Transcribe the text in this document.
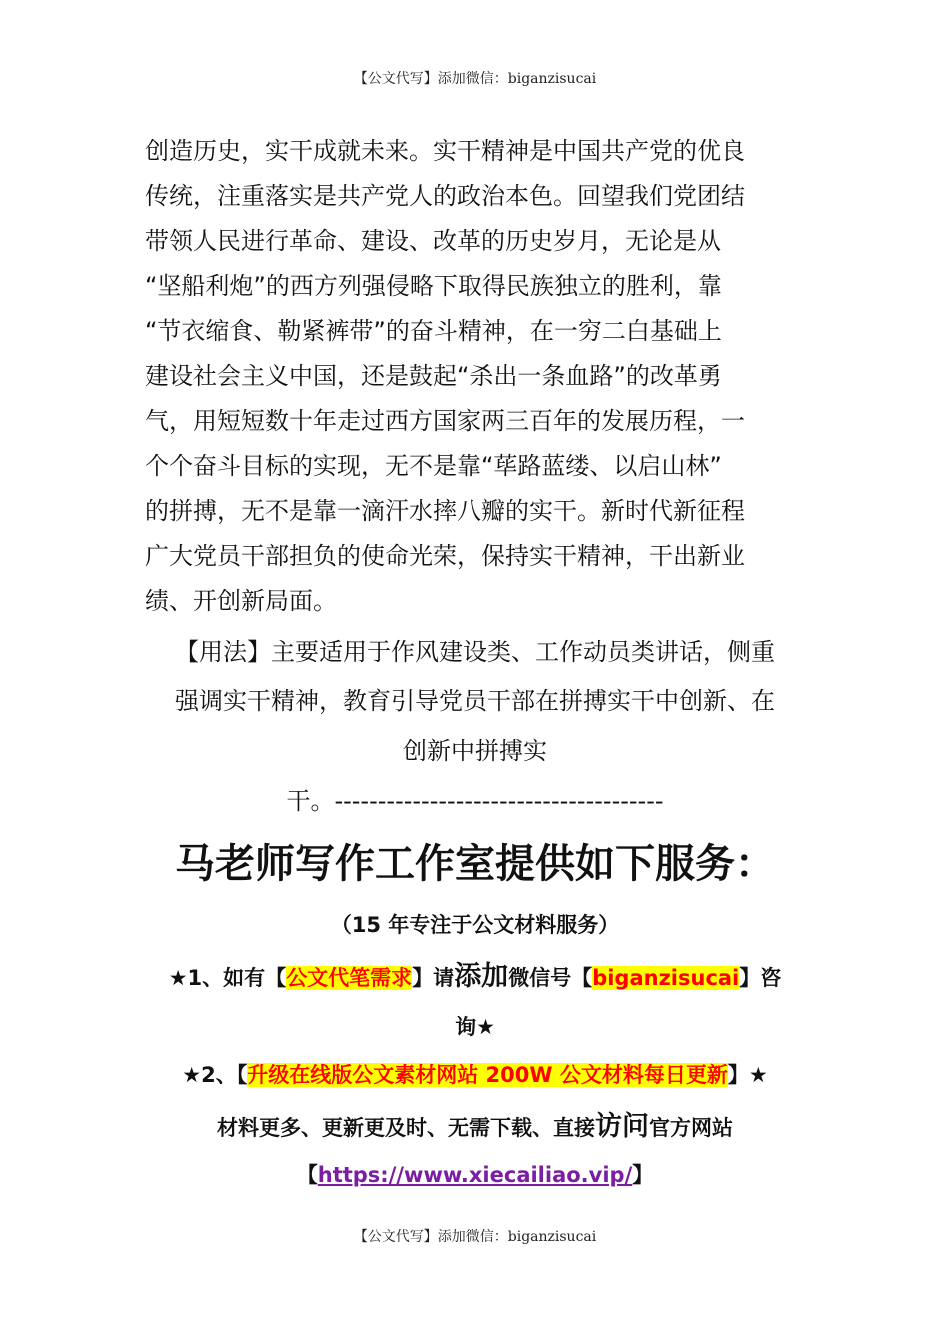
【公文代写】添加微信：biganzisucai
创造历史，实干成就未来。实干精神是中国共产党的优良
传统，注重落实是共产党人的政治本色。回望我们党团结
带领人民进行革命、建设、改革的历史岁月，无论是从
“坚船利炮”的西方列强侵略下取得民族独立的胜利，靠
“节衣缩食、勒紧裤带”的奋斗精神，在一穷二白基础上
建设社会主义中国，还是鼓起“杀出一条血路”的改革勇
气，用短短数十年走过西方国家两三百年的发展历程，一
个个奋斗目标的实现，无不是靠“荜路蓝缕、以启山林”
的拼搏，无不是靠一滴汗水摔八瓣的实干。新时代新征程
广大党员干部担负的使命光荣，保持实干精神，干出新业
绩、开创新局面。
【用法】主要适用于作风建设类、工作动员类讲话，侧重
强调实干精神，教育引导党员干部在拼搏实干中创新、在
创新中拼搏实
干。--------------------------------------
马老师写作工作室提供如下服务：
（15 年专注于公文材料服务）
★1、如有【公文代笔需求】请添加微信号【biganzisucai】咨
询★
★2、【升级在线版公文素材网站 200W 公文材料每日更新】★
材料更多、更新更及时、无需下载、直接访问官方网站
【https://www.xiecailiao.vip/】
【公文代写】添加微信：biganzisucai
